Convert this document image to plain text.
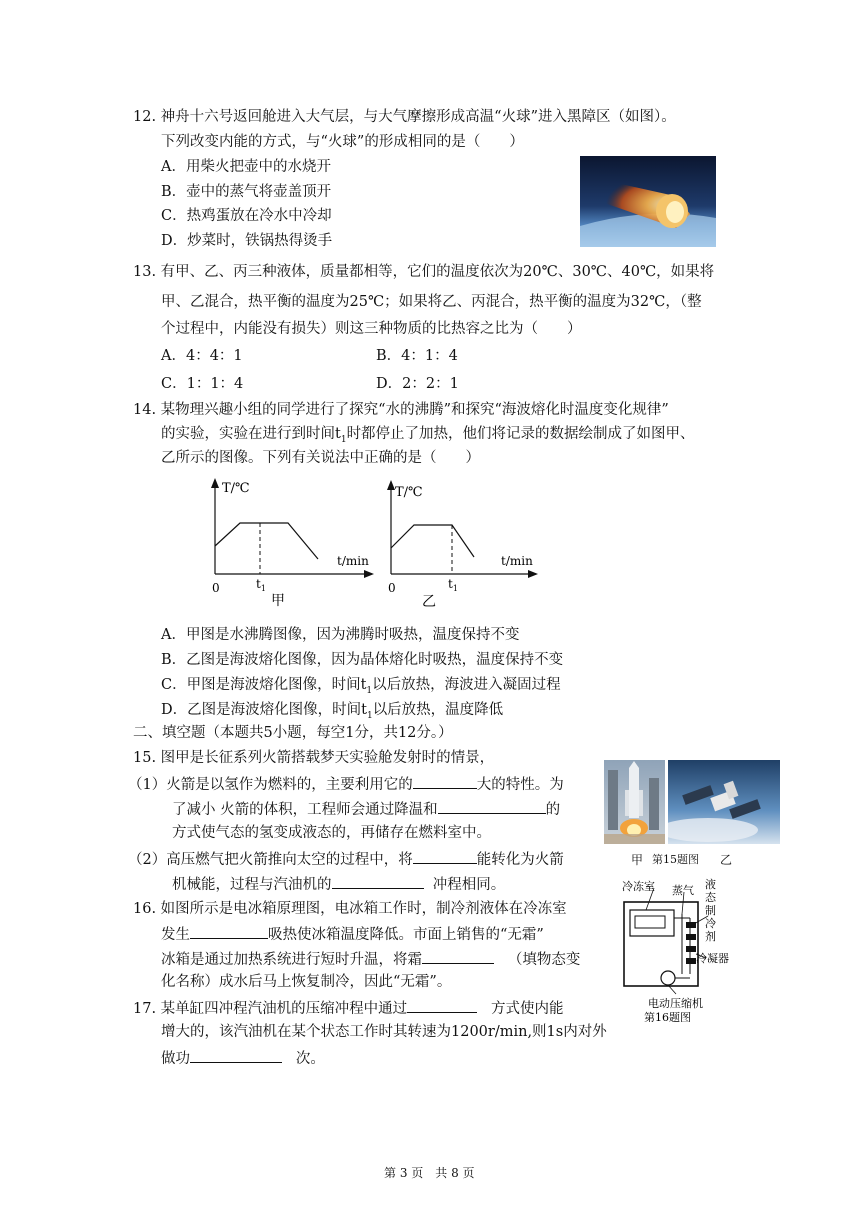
12. 神舟十六号返回舱进入大气层，与大气摩擦形成高温“火球”进入黑障区（如图）。
下列改变内能的方式，与“火球”的形成相同的是（　　）
A．用柴火把壶中的水烧开
B．壶中的蒸气将壶盖顶开
C．热鸡蛋放在冷水中冷却
D．炒菜时，铁锅热得烫手
13. 有甲、乙、丙三种液体，质量都相等，它们的温度依次为20℃、30℃、40℃，如果将
甲、乙混合，热平衡的温度为25℃；如果将乙、丙混合，热平衡的温度为32℃，（整
个过程中，内能没有损失）则这三种物质的比热容之比为（　　）
A．4：4：1	B．4：1：4
C．1：1：4	D．2：2：1
14. 某物理兴趣小组的同学进行了探究“水的沸腾”和探究“海波熔化时温度变化规律”
的实验，实验在进行到时间$t_1$时都停止了加热，他们将记录的数据绘制成了如图甲、
乙所示的图像。下列有关说法中正确的是（　　）
T/℃
t/min
0	$t_1$
甲
T/℃
t/min
0	$t_1$
乙
A．甲图是水沸腾图像，因为沸腾时吸热，温度保持不变
B．乙图是海波熔化图像，因为晶体熔化时吸热，温度保持不变
C．甲图是海波熔化图像，时间$t_1$以后放热，海波进入凝固过程
D．乙图是海波熔化图像，时间$t_1$以后放热，温度降低
二、填空题（本题共5小题，每空1分，共12分。）
15. 图甲是长征系列火箭搭载梦天实验舱发射时的情景，
（1）火箭是以氢作为燃料的，主要利用它的	大的特性。为
了减小 火箭的体积，工程师会通过降温和	的
方式使气态的氢变成液态的，再储存在燃料室中。
（2）高压燃气把火箭推向太空的过程中，将	能转化为火箭
机械能，过程与汽油机的	冲程相同。
甲 第15题图 乙
16. 如图所示是电冰箱原理图，电冰箱工作时，制冷剂液体在冷冻室
发生	吸热使冰箱温度降低。市面上销售的“无霜”
冰箱是通过加热系统进行短时升温，将霜	（填物态变
化名称）成水后马上恢复制冷，因此“无霜”。
冷冻室 蒸气 液
态
制
冷
剂
冷凝器
电动压缩机
第16题图
17. 某单缸四冲程汽油机的压缩冲程中通过	方式使内能
增大的，该汽油机在某个状态工作时其转速为1200r/min,则1s内对外
做功	次。
第 3 页　共 8 页
